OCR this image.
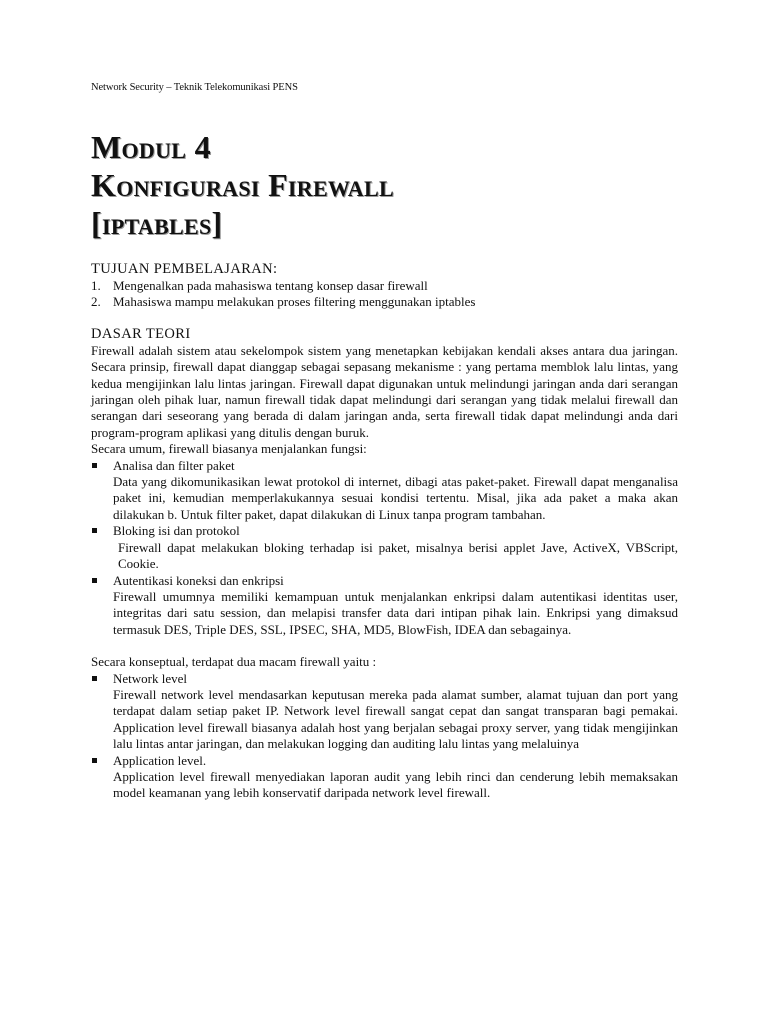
Network Security – Teknik Telekomunikasi PENS
Modul 4
Konfigurasi Firewall
[iptables]
TUJUAN PEMBELAJARAN:
1. Mengenalkan pada mahasiswa tentang konsep dasar firewall
2. Mahasiswa mampu melakukan proses filtering menggunakan iptables
DASAR TEORI

Firewall adalah sistem atau sekelompok sistem yang menetapkan kebijakan kendali akses antara dua jaringan. Secara prinsip, firewall dapat dianggap sebagai sepasang mekanisme : yang pertama memblok lalu lintas, yang kedua mengijinkan lalu lintas jaringan. Firewall dapat digunakan untuk melindungi jaringan anda dari serangan jaringan oleh pihak luar, namun firewall tidak dapat melindungi dari serangan yang tidak melalui firewall dan serangan dari seseorang yang berada di dalam jaringan anda, serta firewall tidak dapat melindungi anda dari program-program aplikasi yang ditulis dengan buruk.

Secara umum, firewall biasanya menjalankan fungsi:

Analisa dan filter paket

Data yang dikomunikasikan lewat protokol di internet, dibagi atas paket-paket. Firewall dapat menganalisa paket ini, kemudian memperlakukannya sesuai kondisi tertentu. Misal, jika ada paket a maka akan dilakukan b. Untuk filter paket, dapat dilakukan di Linux tanpa program tambahan.

Bloking isi dan protokol

Firewall dapat melakukan bloking terhadap isi paket, misalnya berisi applet Jave, ActiveX, VBScript, Cookie.

Autentikasi koneksi dan enkripsi

Firewall umumnya memiliki kemampuan untuk menjalankan enkripsi dalam autentikasi identitas user, integritas dari satu session, dan melapisi transfer data dari intipan pihak lain. Enkripsi yang dimaksud termasuk DES, Triple DES, SSL, IPSEC, SHA, MD5, BlowFish, IDEA dan sebagainya.

Secara konseptual, terdapat dua macam firewall yaitu :

Network level

Firewall network level mendasarkan keputusan mereka pada alamat sumber, alamat tujuan dan port yang terdapat dalam setiap paket IP. Network level firewall sangat cepat dan sangat transparan bagi pemakai. Application level firewall biasanya adalah host yang berjalan sebagai proxy server, yang tidak mengijinkan lalu lintas antar jaringan, dan melakukan logging dan auditing lalu lintas yang melaluinya

Application level.

Application level firewall menyediakan laporan audit yang lebih rinci dan cenderung lebih memaksakan model keamanan yang lebih konservatif daripada network level firewall.
